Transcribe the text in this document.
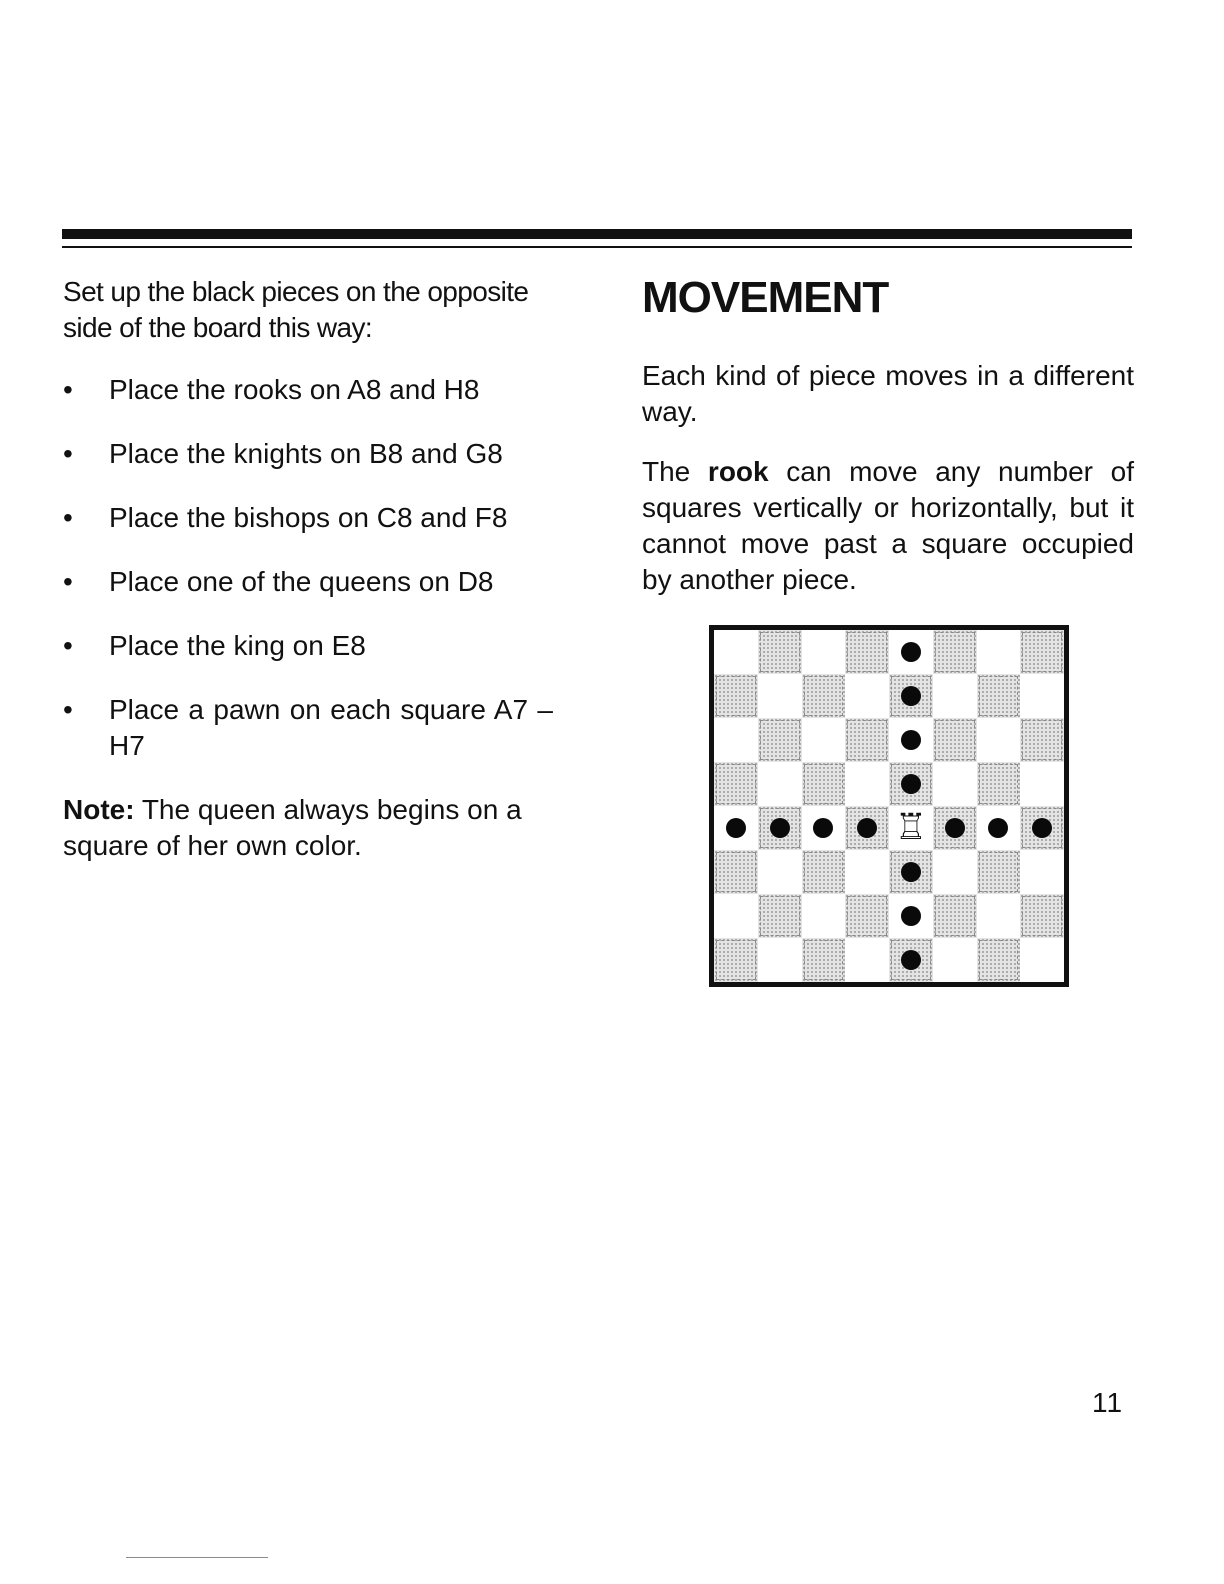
Set up the black pieces on the opposite side of the board this way:

• Place the rooks on A8 and H8
• Place the knights on B8 and G8
• Place the bishops on C8 and F8
• Place one of the queens on D8
• Place the king on E8
• Place a pawn on each square A7 – H7

Note: The queen always begins on a square of her own color.

MOVEMENT

Each kind of piece moves in a different way.

The rook can move any number of squares vertically or horizontally, but it cannot move past a square occupied by another piece.

♖
11
